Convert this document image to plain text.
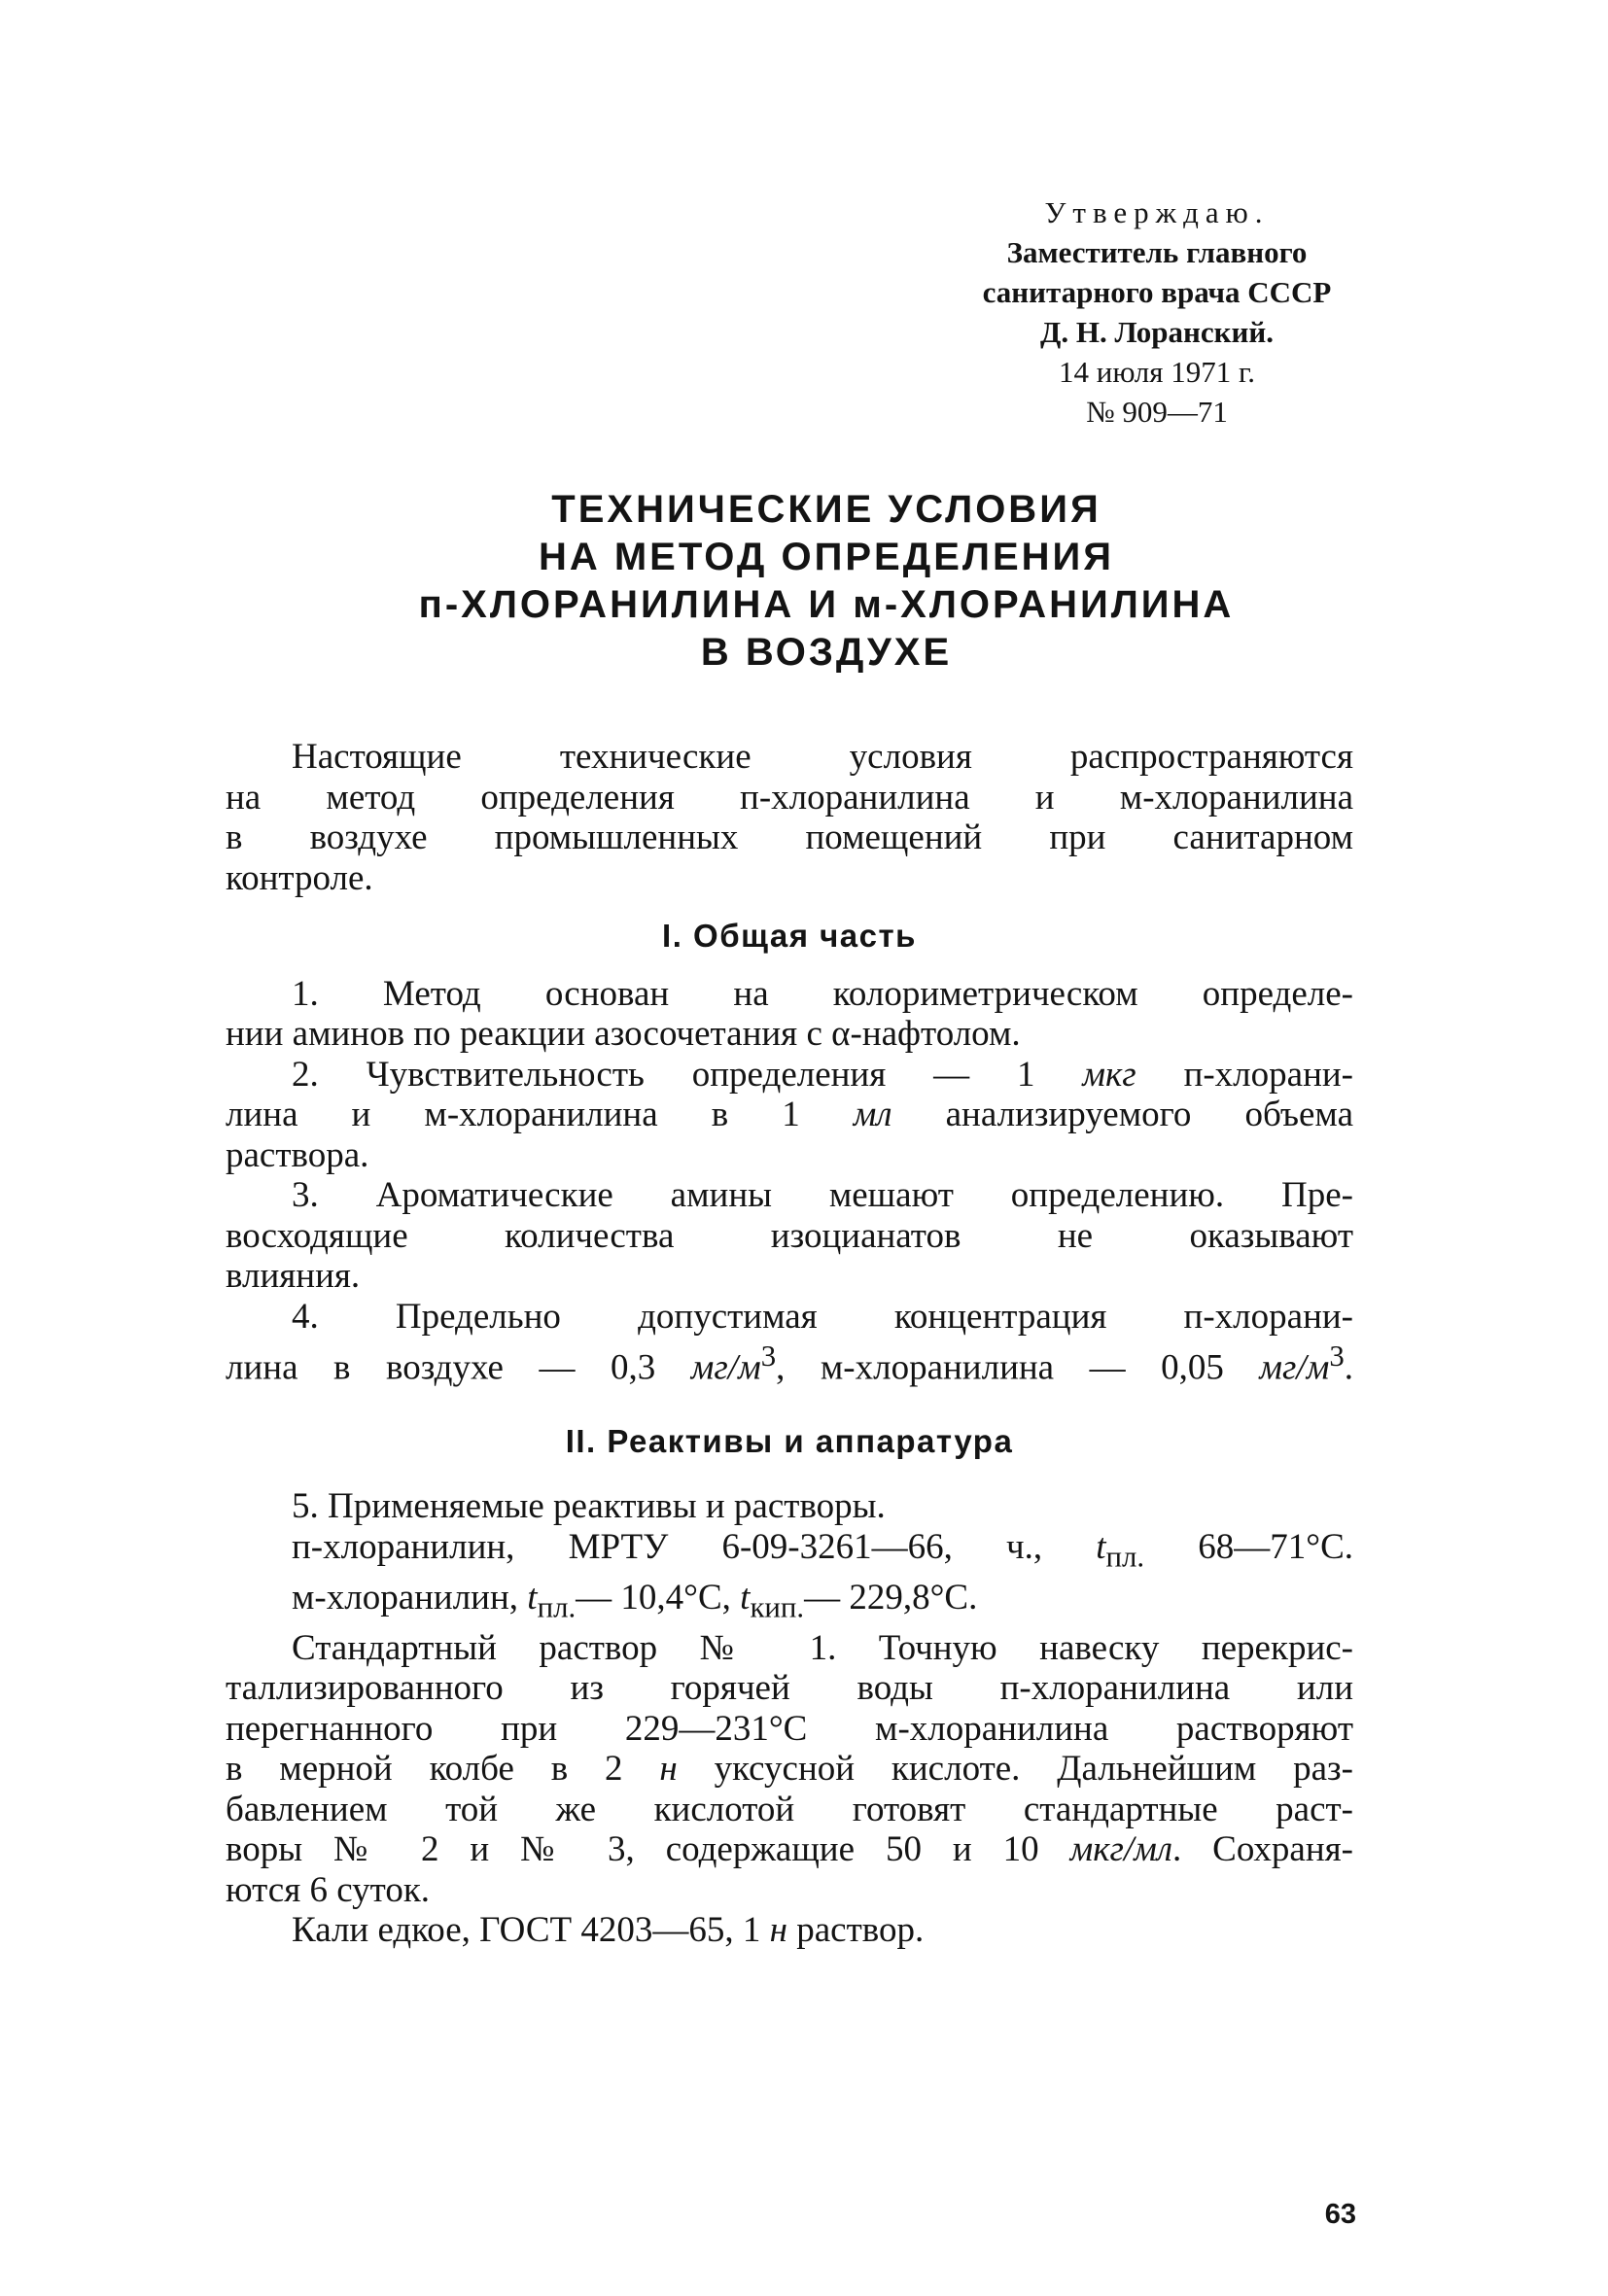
Утверждаю.
Заместитель главного
санитарного врача СССР
Д. Н. Лоранский.
14 июля 1971 г.
№ 909—71
ТЕХНИЧЕСКИЕ УСЛОВИЯ
НА МЕТОД ОПРЕДЕЛЕНИЯ
п-ХЛОРАНИЛИНА И м-ХЛОРАНИЛИНА
В ВОЗДУХЕ
Настоящие технические условия распространяются
на метод определения п-хлоранилина и м-хлоранилина
в воздухе промышленных помещений при санитарном
контроле.
I. Общая часть
1. Метод основан на колориметрическом определе-
нии аминов по реакции азосочетания с α-нафтолом.
2. Чувствительность определения — 1 мкг п-хлорани-
лина и м-хлоранилина в 1 мл анализируемого объема
раствора.
3. Ароматические амины мешают определению. Пре-
восходящие количества изоцианатов не оказывают
влияния.
4. Предельно допустимая концентрация п-хлорани-
лина в воздухе — 0,3 $мг/м^3$, м-хлоранилина — 0,05 $мг/м^3$.
II. Реактивы и аппаратура
5. Применяемые реактивы и растворы.
п-хлоранилин, МРТУ 6-09-3261—66, ч., $t_{пл.}$ 68—71°С.
м-хлоранилин, $t_{пл.}—$ 10,4°С, $t_{кип.}—$ 229,8°С.
Стандартный раствор № 1. Точную навеску перекрис-
таллизированного из горячей воды п-хлоранилина или
перегнанного при 229—231°С м-хлоранилина растворяют
в мерной колбе в 2 н уксусной кислоте. Дальнейшим раз-
бавлением той же кислотой готовят стандартные раст-
воры № 2 и № 3, содержащие 50 и 10 мкг/мл. Сохраня-
ются 6 суток.
Кали едкое, ГОСТ 4203—65, 1 н раствор.
63
